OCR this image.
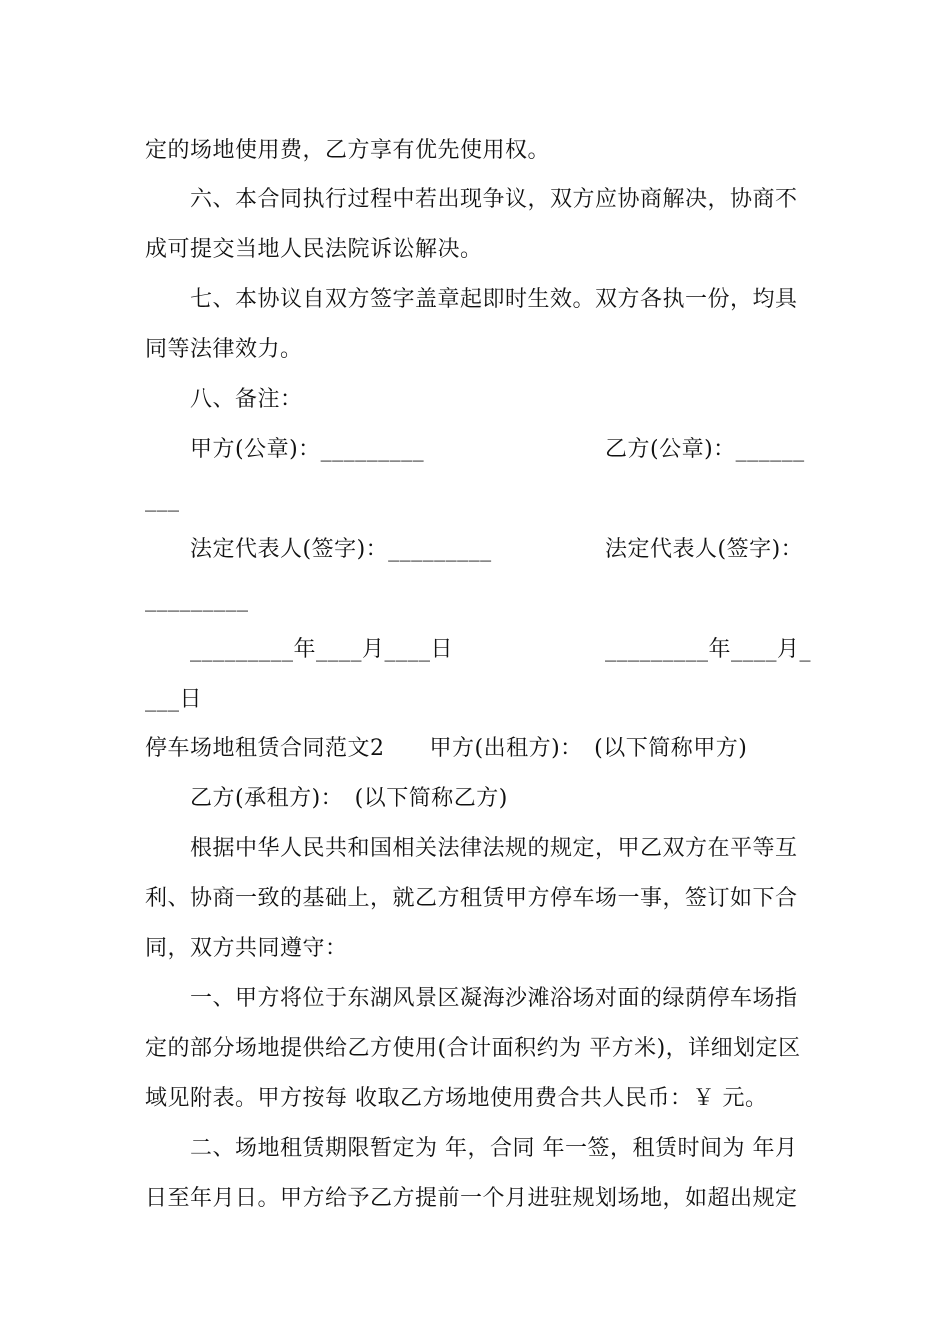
定的场地使用费，乙方享有优先使用权。
六、本合同执行过程中若出现争议，双方应协商解决，协商不
成可提交当地人民法院诉讼解决。
七、本协议自双方签字盖章起即时生效。双方各执一份，均具
同等法律效力。
八、备注：
甲方(公章)：_________	乙方(公章)：______
___
法定代表人(签字)：_________	法定代表人(签字)：
_________
_________年____月____日	_________年____月_
___日
停车场地租赁合同范文2　　甲方(出租方)：　(以下简称甲方)
乙方(承租方)：　(以下简称乙方)
根据中华人民共和国相关法律法规的规定，甲乙双方在平等互
利、协商一致的基础上，就乙方租赁甲方停车场一事，签订如下合
同，双方共同遵守：
一、甲方将位于东湖风景区凝海沙滩浴场对面的绿荫停车场指
定的部分场地提供给乙方使用(合计面积约为 平方米)，详细划定区
域见附表。甲方按每 收取乙方场地使用费合共人民币：￥ 元。
二、场地租赁期限暂定为 年，合同 年一签，租赁时间为 年月
日至年月日。甲方给予乙方提前一个月进驻规划场地，如超出规定
